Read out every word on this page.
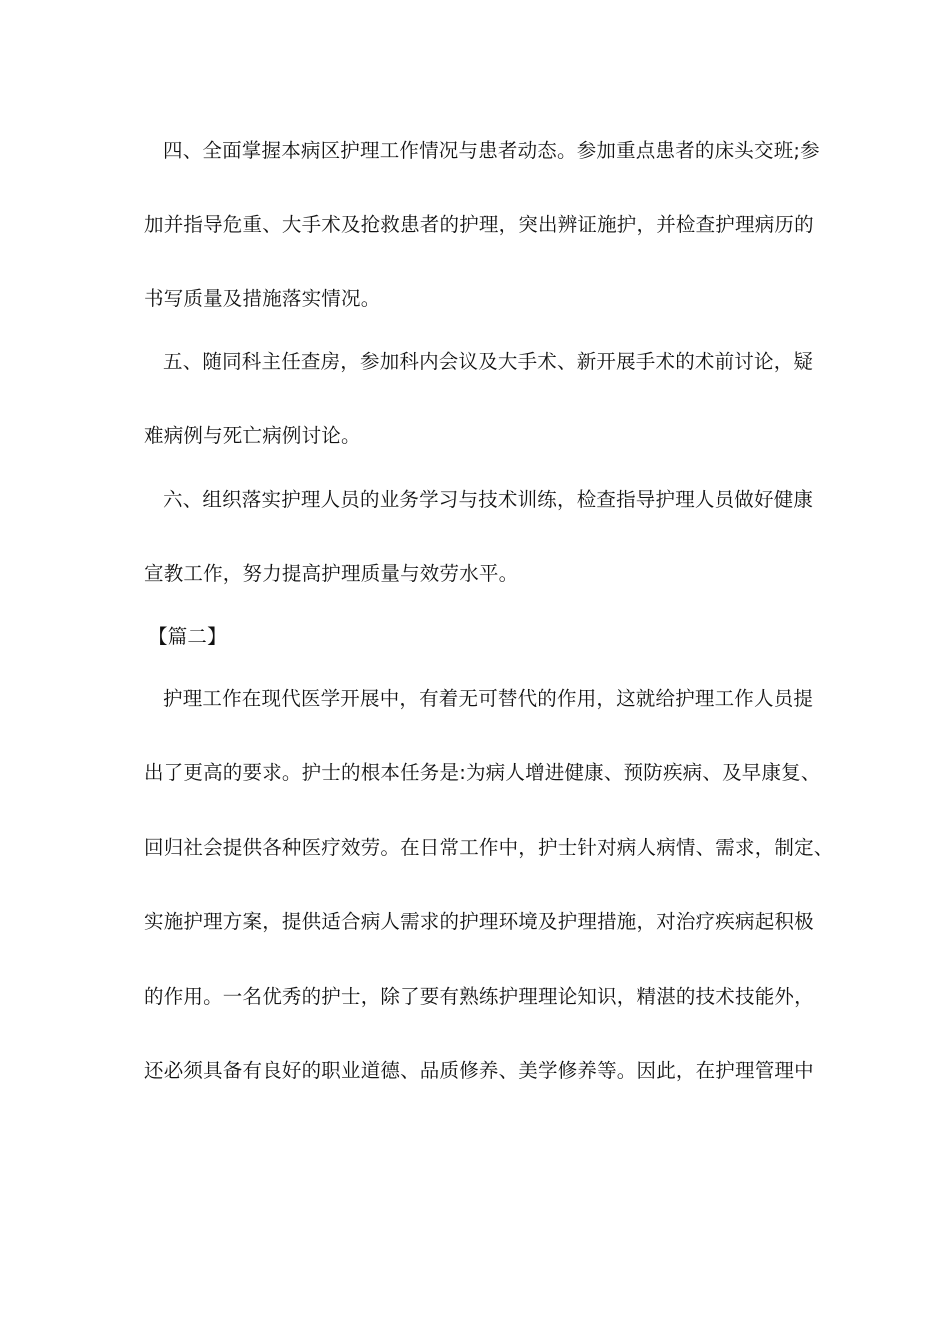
四、全面掌握本病区护理工作情况与患者动态。参加重点患者的床头交班;参
加并指导危重、大手术及抢救患者的护理，突出辨证施护，并检查护理病历的
书写质量及措施落实情况。
五、随同科主任查房，参加科内会议及大手术、新开展手术的术前讨论，疑
难病例与死亡病例讨论。
六、组织落实护理人员的业务学习与技术训练，检查指导护理人员做好健康
宣教工作，努力提高护理质量与效劳水平。
【篇二】
护理工作在现代医学开展中，有着无可替代的作用，这就给护理工作人员提
出了更高的要求。护士的根本任务是:为病人增进健康、预防疾病、及早康复、
回归社会提供各种医疗效劳。在日常工作中，护士针对病人病情、需求，制定、
实施护理方案，提供适合病人需求的护理环境及护理措施，对治疗疾病起积极
的作用。一名优秀的护士，除了要有熟练护理理论知识，精湛的技术技能外，
还必须具备有良好的职业道德、品质修养、美学修养等。因此，在护理管理中
